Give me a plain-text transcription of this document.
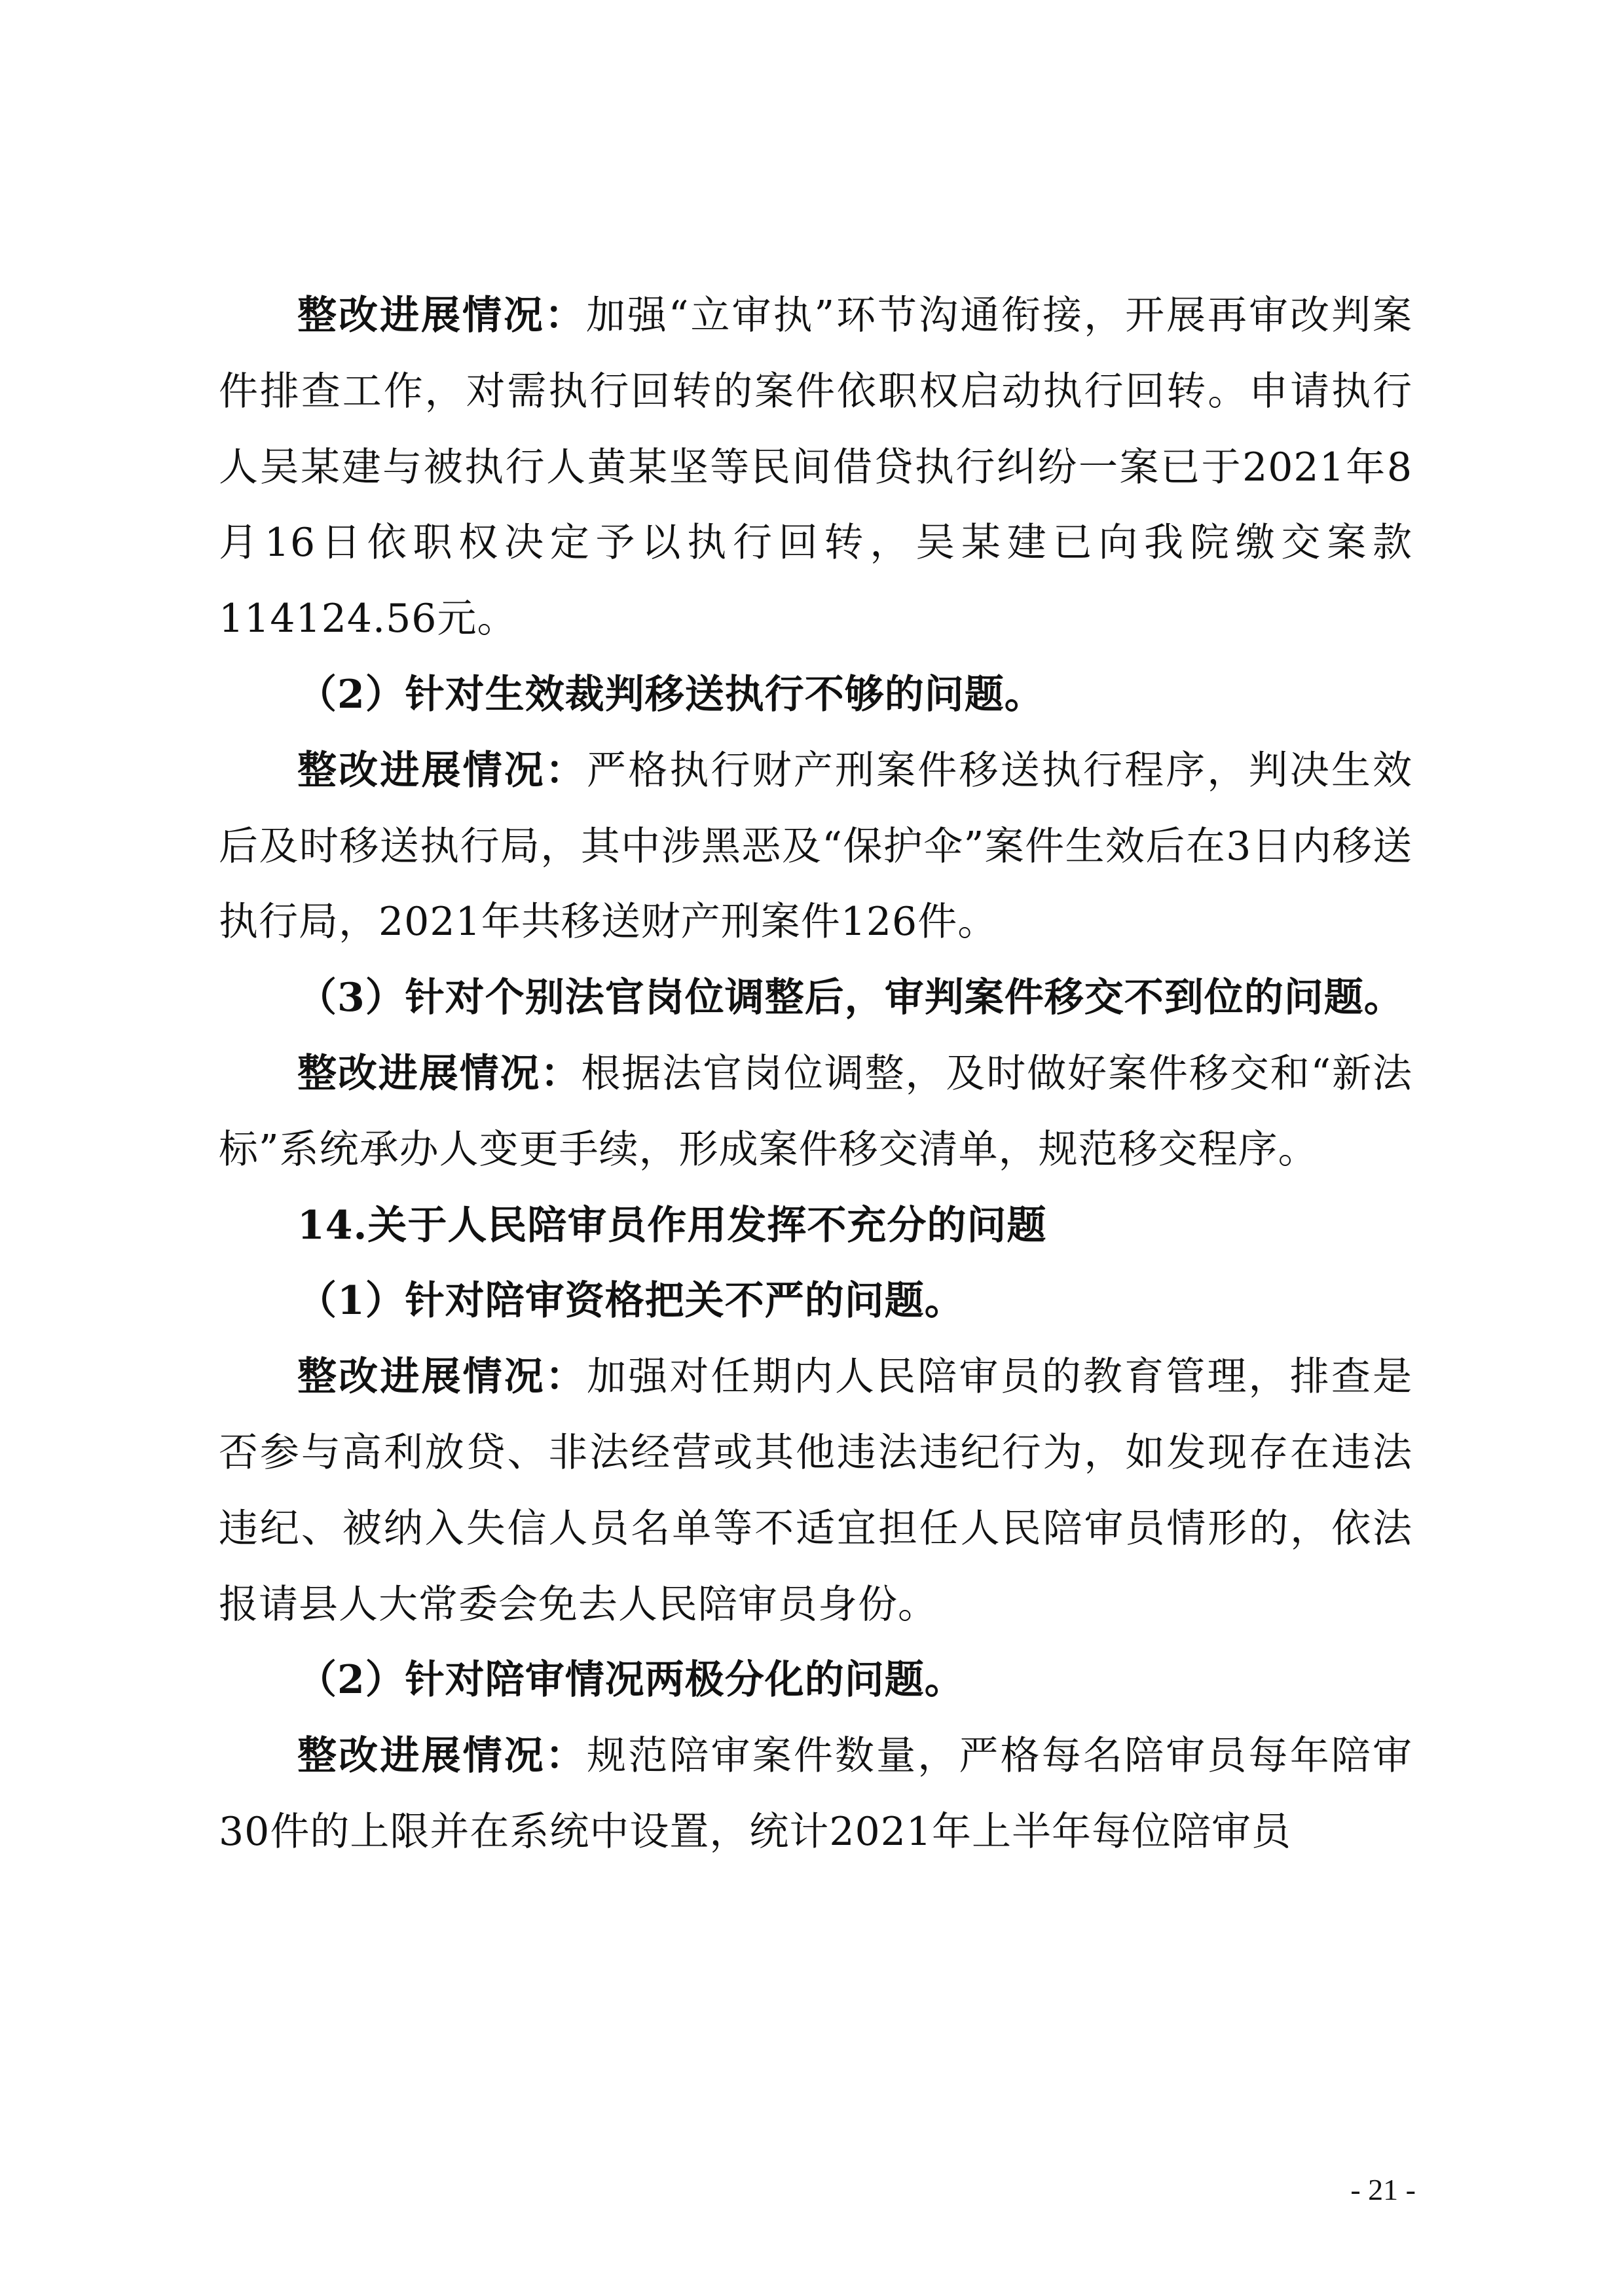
整改进展情况：加强“立审执”环节沟通衔接，开展再审改判案件排查工作，对需执行回转的案件依职权启动执行回转。申请执行人吴某建与被执行人黄某坚等民间借贷执行纠纷一案已于2021年8月16日依职权决定予以执行回转，吴某建已向我院缴交案款114124.56元。

（2）针对生效裁判移送执行不够的问题。

整改进展情况：严格执行财产刑案件移送执行程序，判决生效后及时移送执行局，其中涉黑恶及“保护伞”案件生效后在3日内移送执行局，2021年共移送财产刑案件126件。

（3）针对个别法官岗位调整后，审判案件移交不到位的问题。

整改进展情况：根据法官岗位调整，及时做好案件移交和“新法标”系统承办人变更手续，形成案件移交清单，规范移交程序。

14.关于人民陪审员作用发挥不充分的问题

（1）针对陪审资格把关不严的问题。

整改进展情况：加强对任期内人民陪审员的教育管理，排查是否参与高利放贷、非法经营或其他违法违纪行为，如发现存在违法违纪、被纳入失信人员名单等不适宜担任人民陪审员情形的，依法报请县人大常委会免去人民陪审员身份。

（2）针对陪审情况两极分化的问题。

整改进展情况：规范陪审案件数量，严格每名陪审员每年陪审30件的上限并在系统中设置，统计2021年上半年每位陪审员

- 21 -
